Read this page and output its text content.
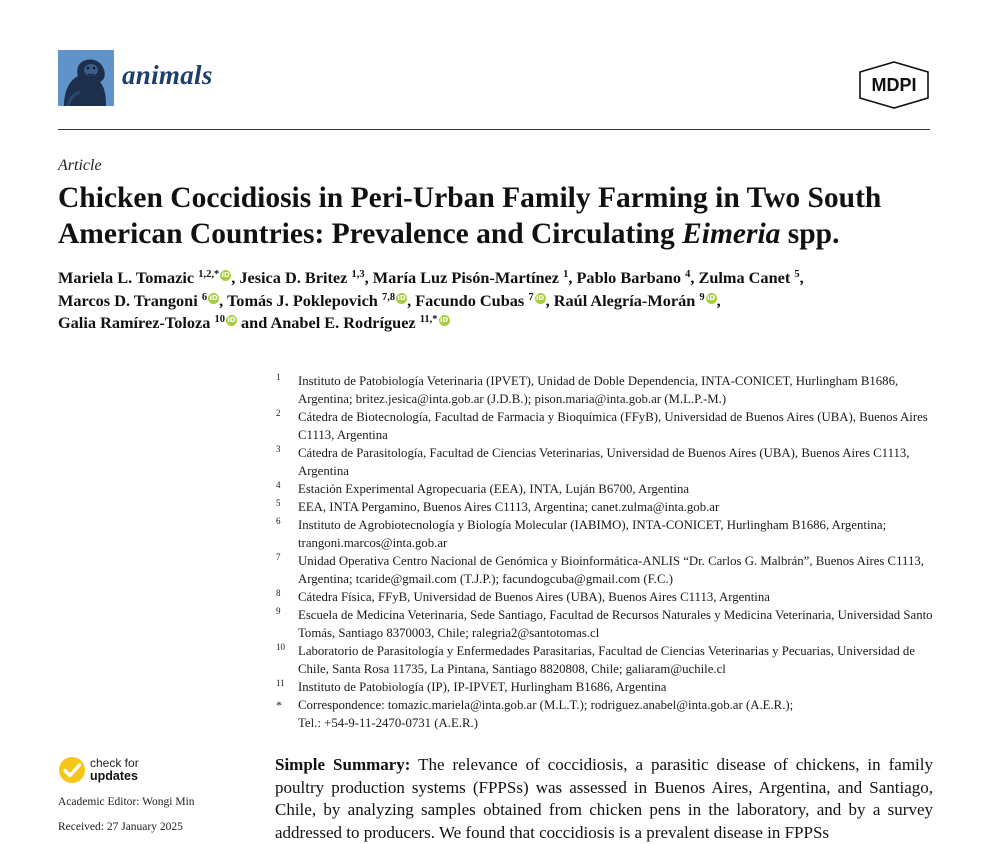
animals	MDPI
Article
Chicken Coccidiosis in Peri-Urban Family Farming in Two South American Countries: Prevalence and Circulating Eimeria spp.

Mariela L. Tomazic $^{1,2,*}$ iD, Jesica D. Britez $^{1,3}$, María Luz Pisón-Martínez $^1$, Pablo Barbano $^4$, Zulma Canet $^5$,
Marcos D. Trangoni $^6$ iD, Tomás J. Poklepovich $^{7,8}$ iD, Facundo Cubas $^7$ iD, Raúl Alegría-Morán $^9$ iD,
Galia Ramírez-Toloza $^{10}$ iD and Anabel E. Rodríguez $^{11,*}$ iD

1 Instituto de Patobiología Veterinaria (IPVET), Unidad de Doble Dependencia, INTA-CONICET, Hurlingham B1686, Argentina; britez.jesica@inta.gob.ar (J.D.B.); pison.maria@inta.gob.ar (M.L.P.-M.)
2 Cátedra de Biotecnología, Facultad de Farmacia y Bioquímica (FFyB), Universidad de Buenos Aires (UBA), Buenos Aires C1113, Argentina
3 Cátedra de Parasitología, Facultad de Ciencias Veterinarias, Universidad de Buenos Aires (UBA), Buenos Aires C1113, Argentina
4 Estación Experimental Agropecuaria (EEA), INTA, Luján B6700, Argentina
5 EEA, INTA Pergamino, Buenos Aires C1113, Argentina; canet.zulma@inta.gob.ar
6 Instituto de Agrobiotecnología y Biología Molecular (IABIMO), INTA-CONICET, Hurlingham B1686, Argentina; trangoni.marcos@inta.gob.ar
7 Unidad Operativa Centro Nacional de Genómica y Bioinformática-ANLIS “Dr. Carlos G. Malbrán”, Buenos Aires C1113, Argentina; tcaride@gmail.com (T.J.P.); facundogcuba@gmail.com (F.C.)
8 Cátedra Física, FFyB, Universidad de Buenos Aires (UBA), Buenos Aires C1113, Argentina
9 Escuela de Medicina Veterinaria, Sede Santiago, Facultad de Recursos Naturales y Medicina Veterinaria, Universidad Santo Tomás, Santiago 8370003, Chile; ralegria2@santotomas.cl
10 Laboratorio de Parasitología y Enfermedades Parasitarias, Facultad de Ciencias Veterinarias y Pecuarias, Universidad de Chile, Santa Rosa 11735, La Pintana, Santiago 8820808, Chile; galiaram@uchile.cl
11 Instituto de Patobiología (IP), IP-IPVET, Hurlingham B1686, Argentina
* Correspondence: tomazic.mariela@inta.gob.ar (M.L.T.); rodriguez.anabel@inta.gob.ar (A.E.R.);
Tel.: +54-9-11-2470-0731 (A.E.R.)
check for
updates
Academic Editor: Wongi Min
Received: 27 January 2025

Simple Summary: The relevance of coccidiosis, a parasitic disease of chickens, in family poultry production systems (FPPSs) was assessed in Buenos Aires, Argentina, and Santiago, Chile, by analyzing samples obtained from chicken pens in the laboratory, and by a survey addressed to producers. We found that coccidiosis is a prevalent disease in FPPSs
